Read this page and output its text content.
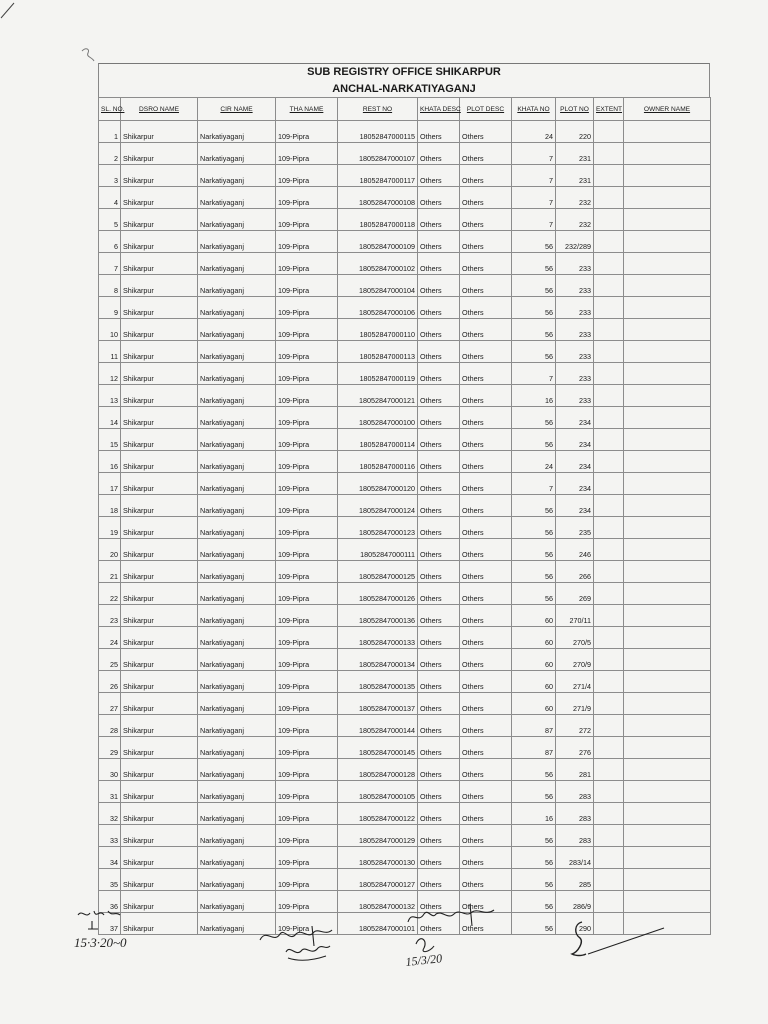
SUB REGISTRY OFFICE SHIKARPUR
ANCHAL-NARKATIYAGANJ
SL. NO.	DSRO NAME	CIR NAME	THA NAME	REST NO	KHATA DESC	PLOT DESC	KHATA NO	PLOT NO	EXTENT	OWNER NAME
1	Shikarpur	Narkatiyaganj	109-Pipra	18052847000115	Others	Others	24	220		
2	Shikarpur	Narkatiyaganj	109-Pipra	18052847000107	Others	Others	7	231		
3	Shikarpur	Narkatiyaganj	109-Pipra	18052847000117	Others	Others	7	231		
4	Shikarpur	Narkatiyaganj	109-Pipra	18052847000108	Others	Others	7	232		
5	Shikarpur	Narkatiyaganj	109-Pipra	18052847000118	Others	Others	7	232		
6	Shikarpur	Narkatiyaganj	109-Pipra	18052847000109	Others	Others	56	232/289		
7	Shikarpur	Narkatiyaganj	109-Pipra	18052847000102	Others	Others	56	233		
8	Shikarpur	Narkatiyaganj	109-Pipra	18052847000104	Others	Others	56	233		
9	Shikarpur	Narkatiyaganj	109-Pipra	18052847000106	Others	Others	56	233		
10	Shikarpur	Narkatiyaganj	109-Pipra	18052847000110	Others	Others	56	233		
11	Shikarpur	Narkatiyaganj	109-Pipra	18052847000113	Others	Others	56	233		
12	Shikarpur	Narkatiyaganj	109-Pipra	18052847000119	Others	Others	7	233		
13	Shikarpur	Narkatiyaganj	109-Pipra	18052847000121	Others	Others	16	233		
14	Shikarpur	Narkatiyaganj	109-Pipra	18052847000100	Others	Others	56	234		
15	Shikarpur	Narkatiyaganj	109-Pipra	18052847000114	Others	Others	56	234		
16	Shikarpur	Narkatiyaganj	109-Pipra	18052847000116	Others	Others	24	234		
17	Shikarpur	Narkatiyaganj	109-Pipra	18052847000120	Others	Others	7	234		
18	Shikarpur	Narkatiyaganj	109-Pipra	18052847000124	Others	Others	56	234		
19	Shikarpur	Narkatiyaganj	109-Pipra	18052847000123	Others	Others	56	235		
20	Shikarpur	Narkatiyaganj	109-Pipra	18052847000111	Others	Others	56	246		
21	Shikarpur	Narkatiyaganj	109-Pipra	18052847000125	Others	Others	56	266		
22	Shikarpur	Narkatiyaganj	109-Pipra	18052847000126	Others	Others	56	269		
23	Shikarpur	Narkatiyaganj	109-Pipra	18052847000136	Others	Others	60	270/11		
24	Shikarpur	Narkatiyaganj	109-Pipra	18052847000133	Others	Others	60	270/5		
25	Shikarpur	Narkatiyaganj	109-Pipra	18052847000134	Others	Others	60	270/9		
26	Shikarpur	Narkatiyaganj	109-Pipra	18052847000135	Others	Others	60	271/4		
27	Shikarpur	Narkatiyaganj	109-Pipra	18052847000137	Others	Others	60	271/9		
28	Shikarpur	Narkatiyaganj	109-Pipra	18052847000144	Others	Others	87	272		
29	Shikarpur	Narkatiyaganj	109-Pipra	18052847000145	Others	Others	87	276		
30	Shikarpur	Narkatiyaganj	109-Pipra	18052847000128	Others	Others	56	281		
31	Shikarpur	Narkatiyaganj	109-Pipra	18052847000105	Others	Others	56	283		
32	Shikarpur	Narkatiyaganj	109-Pipra	18052847000122	Others	Others	16	283		
33	Shikarpur	Narkatiyaganj	109-Pipra	18052847000129	Others	Others	56	283		
34	Shikarpur	Narkatiyaganj	109-Pipra	18052847000130	Others	Others	56	283/14		
35	Shikarpur	Narkatiyaganj	109-Pipra	18052847000127	Others	Others	56	285		
36	Shikarpur	Narkatiyaganj	109-Pipra	18052847000132	Others	Others	56	286/9		
37	Shikarpur	Narkatiyaganj	109-Pipra	18052847000101	Others	Others	56	290		
15·3·20~0
15/3/20
